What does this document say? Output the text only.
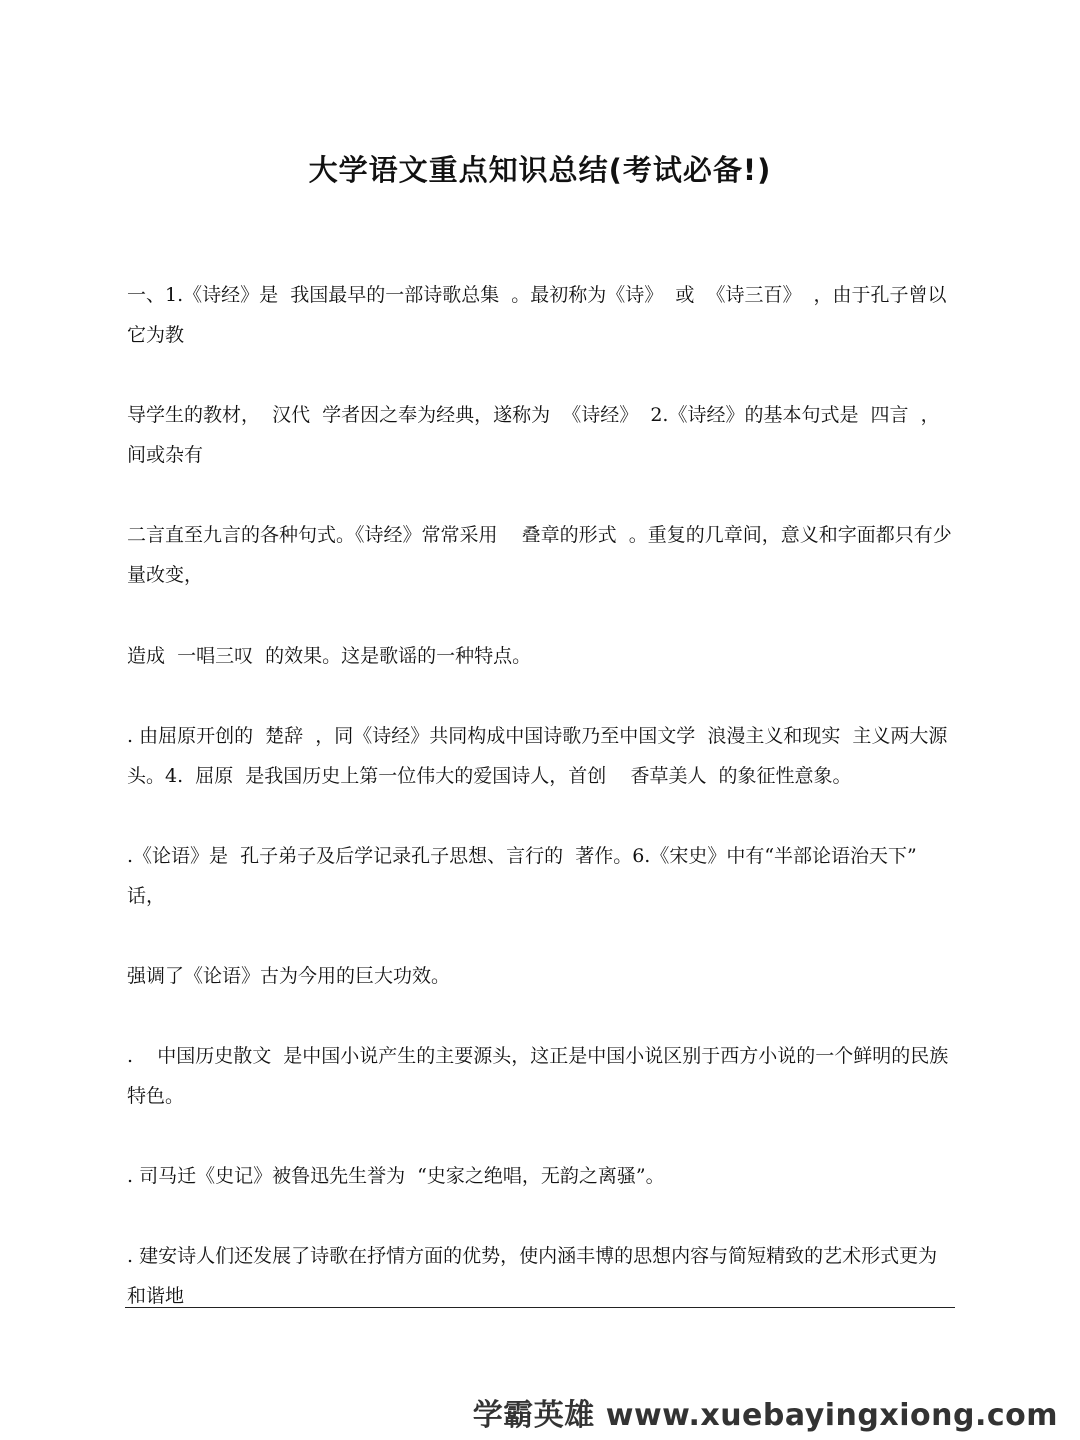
大学语文重点知识总结(考试必备!)
一、1.《诗经》是  我国最早的一部诗歌总集  。最初称为《诗》  或  《诗三百》  ，由于孔子曾以它为教
导学生的教材，  汉代  学者因之奉为经典，遂称为  《诗经》  2.《诗经》的基本句式是  四言  ，间或杂有
二言直至九言的各种句式。《诗经》常常采用    叠章的形式  。重复的几章间，意义和字面都只有少量改变，
造成  一唱三叹  的效果。这是歌谣的一种特点。
. 由屈原开创的  楚辞  ，同《诗经》共同构成中国诗歌乃至中国文学  浪漫主义和现实  主义两大源头。4.  屈原  是我国历史上第一位伟大的爱国诗人，首创    香草美人  的象征性意象。
.《论语》是  孔子弟子及后学记录孔子思想、言行的  著作。6.《宋史》中有“半部论语治天下”  话，
强调了《论语》古为今用的巨大功效。
.    中国历史散文  是中国小说产生的主要源头，这正是中国小说区别于西方小说的一个鲜明的民族特色。
. 司马迁《史记》被鲁迅先生誉为  “史家之绝唱，无韵之离骚”。
. 建安诗人们还发展了诗歌在抒情方面的优势，使内涵丰博的思想内容与简短精致的艺术形式更为和谐地
学霸英雄 www.xuebayingxiong.com
